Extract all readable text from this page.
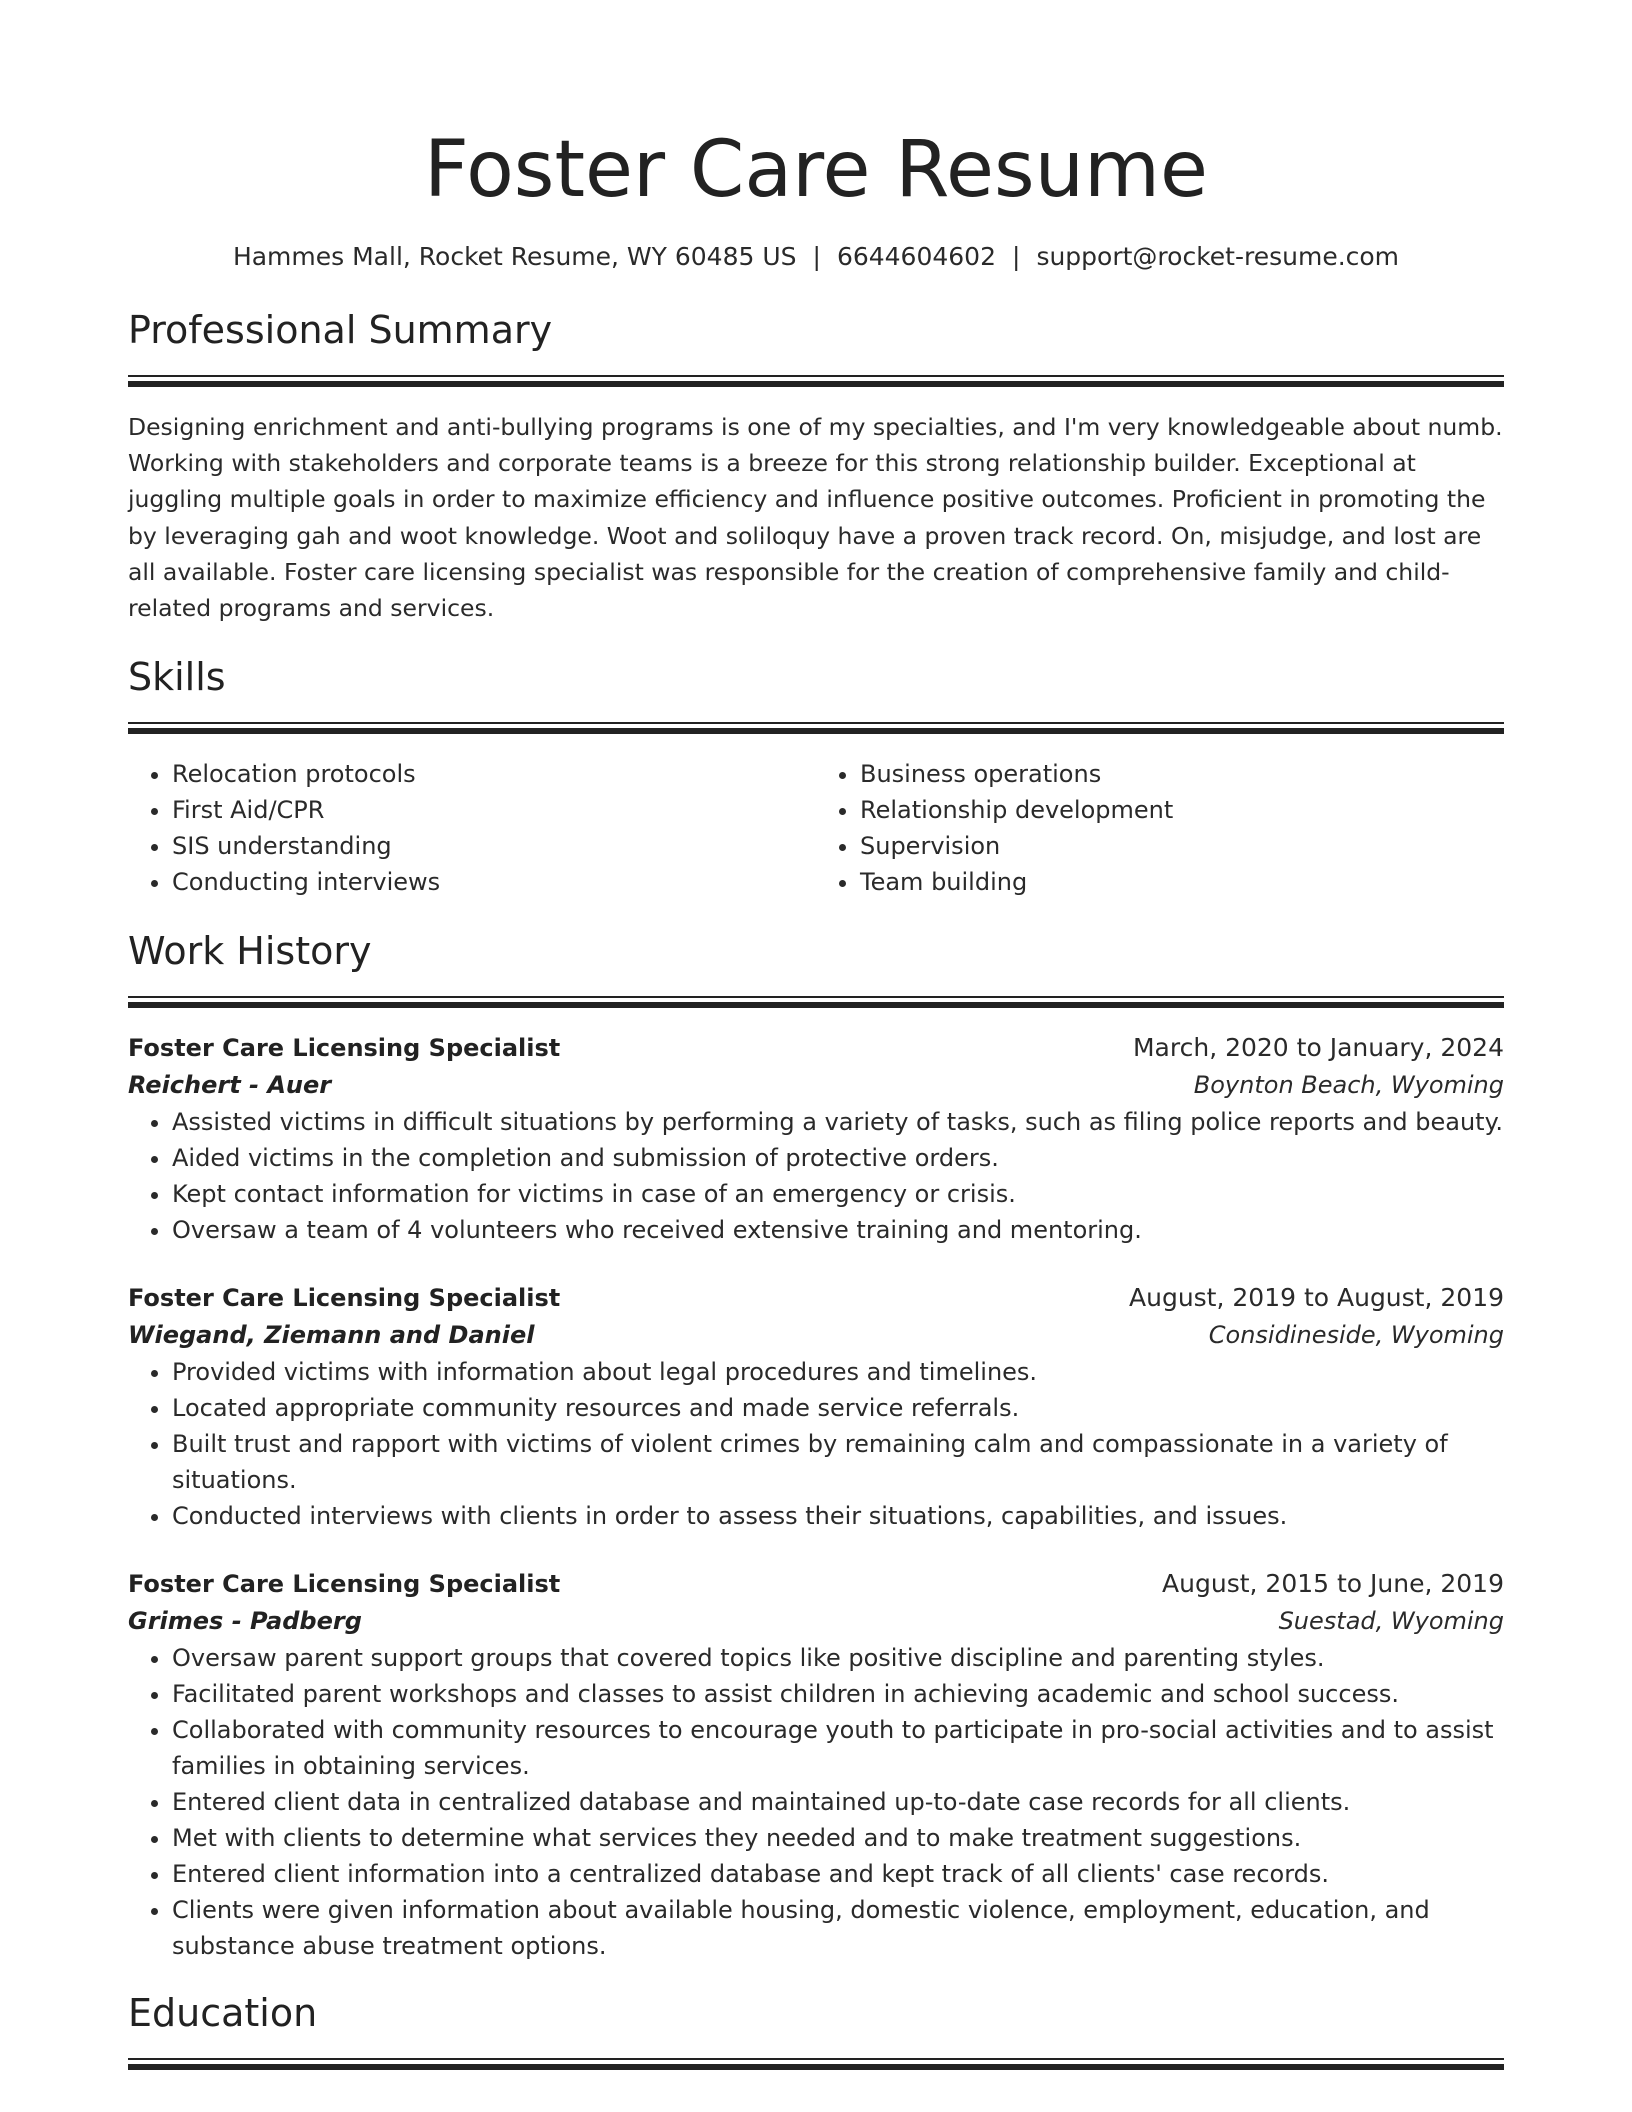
Foster Care Resume
Hammes Mall, Rocket Resume, WY 60485 US | 6644604602 | support@rocket-resume.com
Professional Summary

Designing enrichment and anti-bullying programs is one of my specialties, and I'm very knowledgeable about numb. Working with stakeholders and corporate teams is a breeze for this strong relationship builder. Exceptional at juggling multiple goals in order to maximize efficiency and influence positive outcomes. Proficient in promoting the by leveraging gah and woot knowledge. Woot and soliloquy have a proven track record. On, misjudge, and lost are all available. Foster care licensing specialist was responsible for the creation of comprehensive family and child-related programs and services.

Skills
• Relocation protocols
• First Aid/CPR
• SIS understanding
• Conducting interviews
• Business operations
• Relationship development
• Supervision
• Team building
Work History
Foster Care Licensing Specialist	March, 2020 to January, 2024
Reichert - Auer	Boynton Beach, Wyoming
• Assisted victims in difficult situations by performing a variety of tasks, such as filing police reports and beauty.
• Aided victims in the completion and submission of protective orders.
• Kept contact information for victims in case of an emergency or crisis.
• Oversaw a team of 4 volunteers who received extensive training and mentoring.
Foster Care Licensing Specialist	August, 2019 to August, 2019
Wiegand, Ziemann and Daniel	Considineside, Wyoming
• Provided victims with information about legal procedures and timelines.
• Located appropriate community resources and made service referrals.
• Built trust and rapport with victims of violent crimes by remaining calm and compassionate in a variety of situations.
• Conducted interviews with clients in order to assess their situations, capabilities, and issues.
Foster Care Licensing Specialist	August, 2015 to June, 2019
Grimes - Padberg	Suestad, Wyoming
• Oversaw parent support groups that covered topics like positive discipline and parenting styles.
• Facilitated parent workshops and classes to assist children in achieving academic and school success.
• Collaborated with community resources to encourage youth to participate in pro-social activities and to assist families in obtaining services.
• Entered client data in centralized database and maintained up-to-date case records for all clients.
• Met with clients to determine what services they needed and to make treatment suggestions.
• Entered client information into a centralized database and kept track of all clients' case records.
• Clients were given information about available housing, domestic violence, employment, education, and substance abuse treatment options.
Education
